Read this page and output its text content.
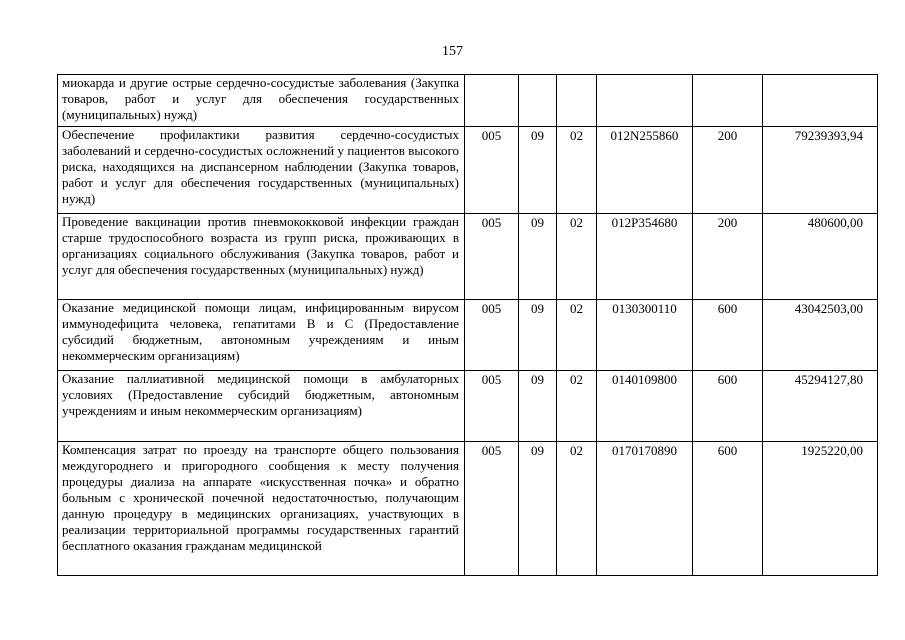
157
миокарда и другие острые сердечно-сосудистые заболевания (Закупка товаров, работ и услуг для обеспечения государственных (муниципальных) нужд)						

Обеспечение профилактики развития сердечно-сосудистых заболеваний и сердечно-сосудистых осложнений у пациентов высокого риска, находящихся на диспансерном наблюдении (Закупка товаров, работ и услуг для обеспечения государственных (муниципальных) нужд)	005	09	02	012N255860	200	79239393,94

Проведение вакцинации против пневмококковой инфекции граждан старше трудоспособного возраста из групп риска, проживающих в организациях социального обслуживания (Закупка товаров, работ и услуг для обеспечения государственных (муниципальных) нужд)	005	09	02	012P354680	200	480600,00

Оказание медицинской помощи лицам, инфицированным вирусом иммунодефицита человека, гепатитами B и C (Предоставление субсидий бюджетным, автономным учреждениям и иным некоммерческим организациям)	005	09	02	0130300110	600	43042503,00

Оказание паллиативной медицинской помощи в амбулаторных условиях (Предоставление субсидий бюджетным, автономным учреждениям и иным некоммерческим организациям)	005	09	02	0140109800	600	45294127,80

Компенсация затрат по проезду на транспорте общего пользования междугороднего и пригородного сообщения к месту получения процедуры диализа на аппарате «искусственная почка» и обратно больным с хронической почечной недостаточностью, получающим данную процедуру в медицинских организациях, участвующих в реализации территориальной программы государственных гарантий бесплатного оказания гражданам медицинской	005	09	02	0170170890	600	1925220,00
